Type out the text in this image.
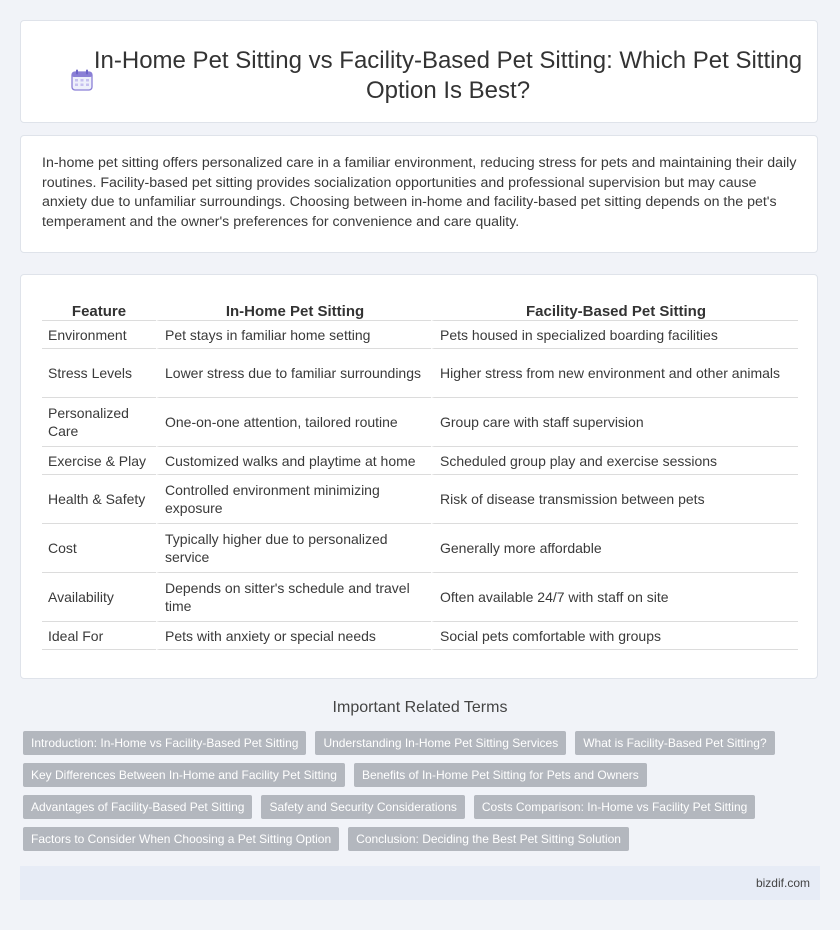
In-Home Pet Sitting vs Facility-Based Pet Sitting: Which Pet Sitting Option Is Best?

In-home pet sitting offers personalized care in a familiar environment, reducing stress for pets and maintaining their daily routines. Facility-based pet sitting provides socialization opportunities and professional supervision but may cause anxiety due to unfamiliar surroundings. Choosing between in-home and facility-based pet sitting depends on the pet's temperament and the owner's preferences for convenience and care quality.

Feature	In-Home Pet Sitting	Facility-Based Pet Sitting
Environment	Pet stays in familiar home setting	Pets housed in specialized boarding facilities
Stress Levels	Lower stress due to familiar surroundings	Higher stress from new environment and other animals
Personalized Care	One-on-one attention, tailored routine	Group care with staff supervision
Exercise & Play	Customized walks and playtime at home	Scheduled group play and exercise sessions
Health & Safety	Controlled environment minimizing exposure	Risk of disease transmission between pets
Cost	Typically higher due to personalized service	Generally more affordable
Availability	Depends on sitter's schedule and travel time	Often available 24/7 with staff on site
Ideal For	Pets with anxiety or special needs	Social pets comfortable with groups
Important Related Terms
Introduction: In-Home vs Facility-Based Pet Sitting	Understanding In-Home Pet Sitting Services	What is Facility-Based Pet Sitting?
Key Differences Between In-Home and Facility Pet Sitting	Benefits of In-Home Pet Sitting for Pets and Owners
Advantages of Facility-Based Pet Sitting	Safety and Security Considerations	Costs Comparison: In-Home vs Facility Pet Sitting
Factors to Consider When Choosing a Pet Sitting Option	Conclusion: Deciding the Best Pet Sitting Solution
bizdif.com
